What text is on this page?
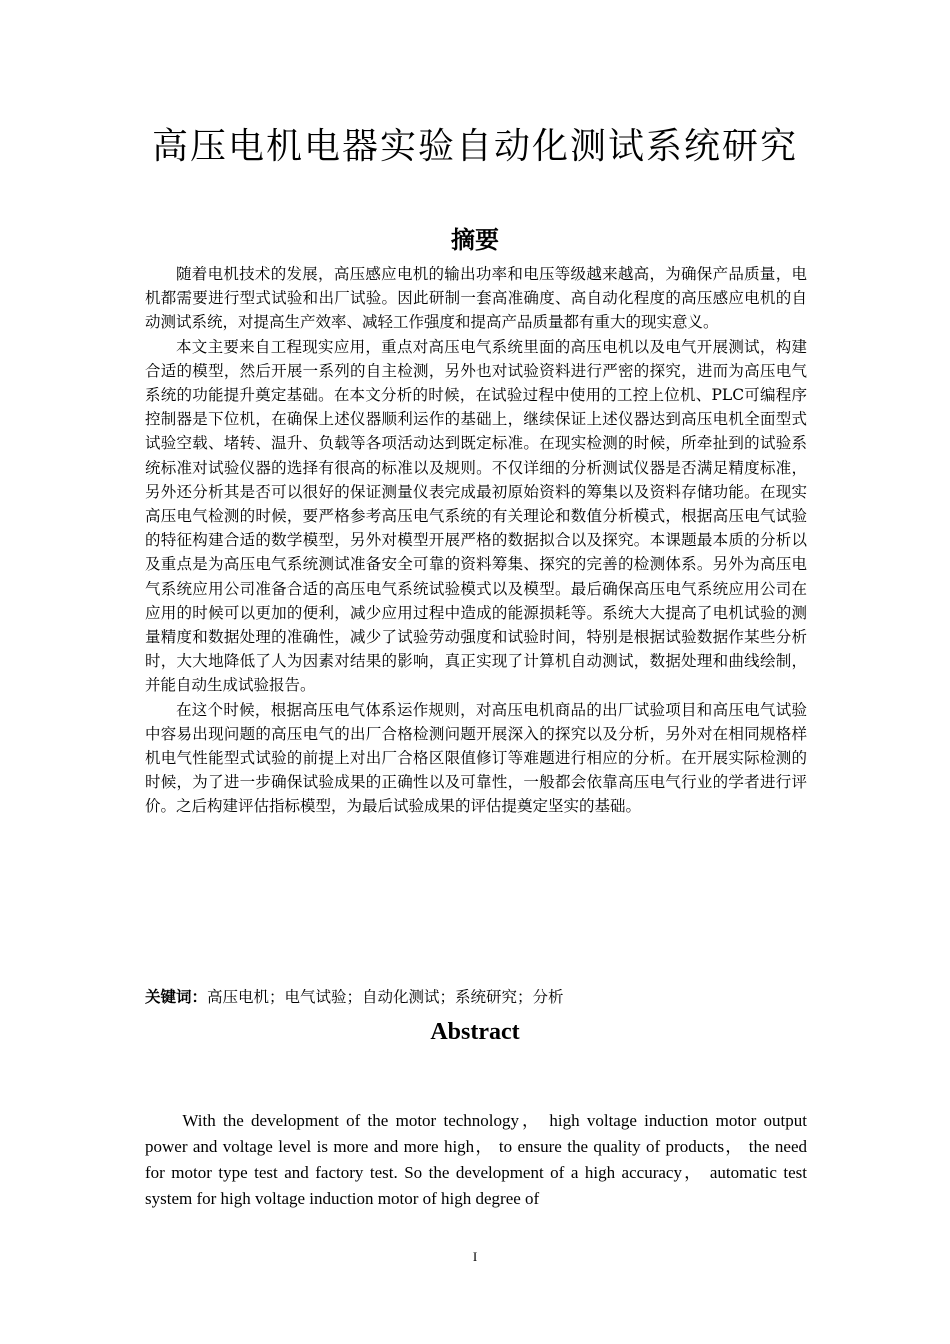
高压电机电器实验自动化测试系统研究
摘要

随着电机技术的发展，高压感应电机的输出功率和电压等级越来越高，为确保产品质量，电机都需要进行型式试验和出厂试验。因此研制一套高准确度、高自动化程度的高压感应电机的自动测试系统，对提高生产效率、减轻工作强度和提高产品质量都有重大的现实意义。

本文主要来自工程现实应用，重点对高压电气系统里面的高压电机以及电气开展测试，构建合适的模型，然后开展一系列的自主检测，另外也对试验资料进行严密的探究，进而为高压电气系统的功能提升奠定基础。在本文分析的时候，在试验过程中使用的工控上位机、PLC可编程序控制器是下位机，在确保上述仪器顺利运作的基础上，继续保证上述仪器达到高压电机全面型式试验空载、堵转、温升、负载等各项活动达到既定标准。在现实检测的时候，所牵扯到的试验系统标准对试验仪器的选择有很高的标准以及规则。不仅详细的分析测试仪器是否满足精度标准，另外还分析其是否可以很好的保证测量仪表完成最初原始资料的筹集以及资料存储功能。在现实高压电气检测的时候，要严格参考高压电气系统的有关理论和数值分析模式，根据高压电气试验的特征构建合适的数学模型，另外对模型开展严格的数据拟合以及探究。本课题最本质的分析以及重点是为高压电气系统测试准备安全可靠的资料筹集、探究的完善的检测体系。另外为高压电气系统应用公司准备合适的高压电气系统试验模式以及模型。最后确保高压电气系统应用公司在应用的时候可以更加的便利，减少应用过程中造成的能源损耗等。系统大大提高了电机试验的测量精度和数据处理的准确性，减少了试验劳动强度和试验时间，特别是根据试验数据作某些分析时，大大地降低了人为因素对结果的影响，真正实现了计算机自动测试，数据处理和曲线绘制，并能自动生成试验报告。

在这个时候，根据高压电气体系运作规则，对高压电机商品的出厂试验项目和高压电气试验中容易出现问题的高压电气的出厂合格检测问题开展深入的探究以及分析，另外对在相同规格样机电气性能型式试验的前提上对出厂合格区限值修订等难题进行相应的分析。在开展实际检测的时候，为了进一步确保试验成果的正确性以及可靠性，一般都会依靠高压电气行业的学者进行评价。之后构建评估指标模型，为最后试验成果的评估提奠定坚实的基础。

关键词：高压电机；电气试验；自动化测试；系统研究；分析

Abstract

With the development of the motor technology， high voltage induction motor output power and voltage level is more and more high， to ensure the quality of products， the need for motor type test and factory test. So the development of a high accuracy， automatic test system for high voltage induction motor of high degree of

I
